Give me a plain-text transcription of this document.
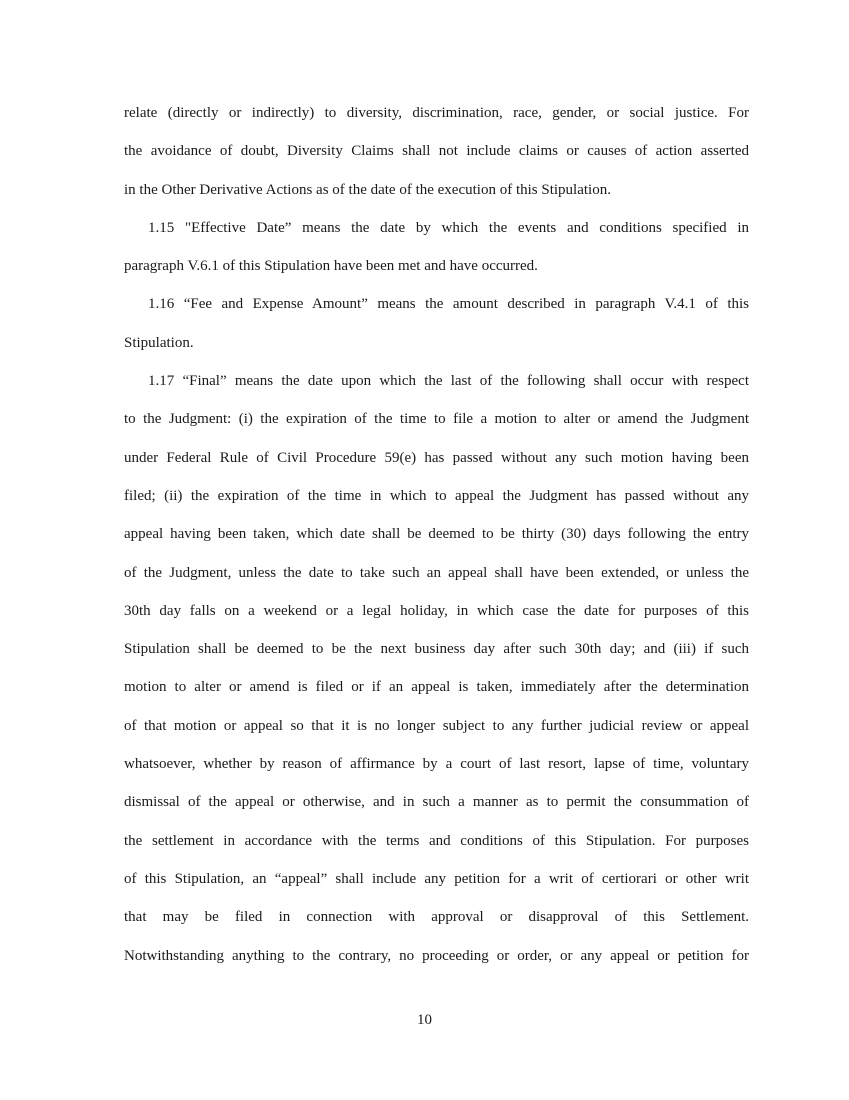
relate (directly or indirectly) to diversity, discrimination, race, gender, or social justice. For
the avoidance of doubt, Diversity Claims shall not include claims or causes of action asserted
in the Other Derivative Actions as of the date of the execution of this Stipulation.
1.15 "Effective Date” means the date by which the events and conditions specified in
paragraph V.6.1 of this Stipulation have been met and have occurred.
1.16 “Fee and Expense Amount” means the amount described in paragraph V.4.1 of this
Stipulation.
1.17 “Final” means the date upon which the last of the following shall occur with respect
to the Judgment: (i) the expiration of the time to file a motion to alter or amend the Judgment
under Federal Rule of Civil Procedure 59(e) has passed without any such motion having been
filed; (ii) the expiration of the time in which to appeal the Judgment has passed without any
appeal having been taken, which date shall be deemed to be thirty (30) days following the entry
of the Judgment, unless the date to take such an appeal shall have been extended, or unless the
30th day falls on a weekend or a legal holiday, in which case the date for purposes of this
Stipulation shall be deemed to be the next business day after such 30th day; and (iii) if such
motion to alter or amend is filed or if an appeal is taken, immediately after the determination
of that motion or appeal so that it is no longer subject to any further judicial review or appeal
whatsoever, whether by reason of affirmance by a court of last resort, lapse of time, voluntary
dismissal of the appeal or otherwise, and in such a manner as to permit the consummation of
the settlement in accordance with the terms and conditions of this Stipulation. For purposes
of this Stipulation, an “appeal” shall include any petition for a writ of certiorari or other writ
that may be filed in connection with approval or disapproval of this Settlement.
Notwithstanding anything to the contrary, no proceeding or order, or any appeal or petition for
10
